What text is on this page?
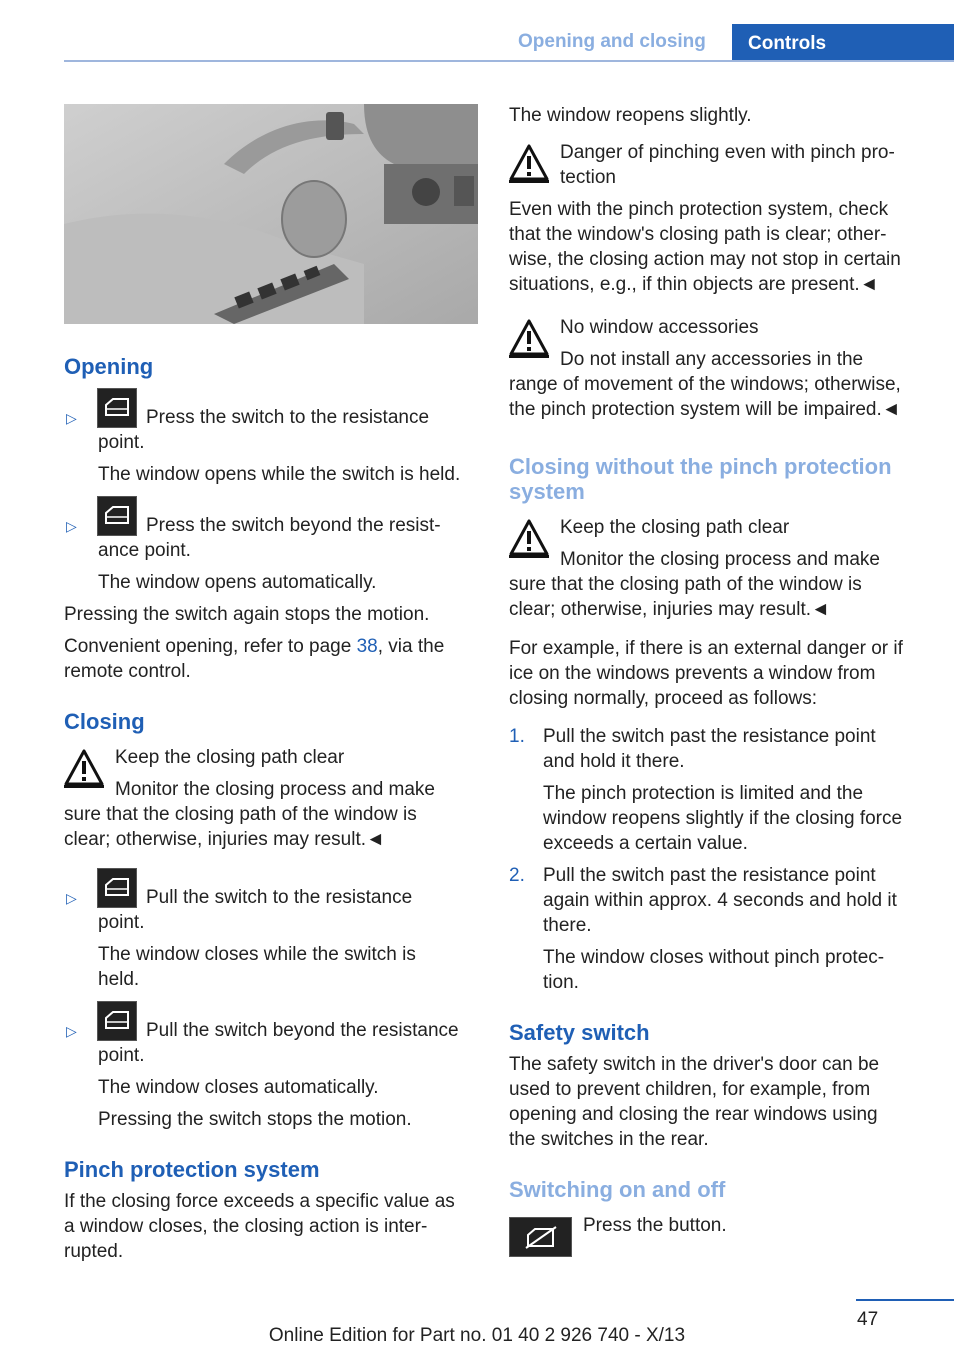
Opening and closing	Controls
Opening
▷	Press the switch to the resistance

point.

The window opens while the switch is held.

▷	Press the switch beyond the resist-

ance point.

The window opens automatically.

Pressing the switch again stops the motion.

Convenient opening, refer to page 38, via the

remote control.

Closing

Keep the closing path clear

Monitor the closing process and make

sure that the closing path of the window is

clear; otherwise, injuries may result.◄

▷	Pull the switch to the resistance

point.

The window closes while the switch is

held.

▷	Pull the switch beyond the resistance

point.

The window closes automatically.

Pressing the switch stops the motion.

Pinch protection system

If the closing force exceeds a specific value as

a window closes, the closing action is inter-

rupted.

The window reopens slightly.

Danger of pinching even with pinch pro-

tection

Even with the pinch protection system, check

that the window's closing path is clear; other-

wise, the closing action may not stop in certain

situations, e.g., if thin objects are present.◄

No window accessories

Do not install any accessories in the

range of movement of the windows; otherwise,

the pinch protection system will be impaired.◄

Closing without the pinch protection
system

Keep the closing path clear

Monitor the closing process and make

sure that the closing path of the window is

clear; otherwise, injuries may result.◄

For example, if there is an external danger or if

ice on the windows prevents a window from

closing normally, proceed as follows:

1. Pull the switch past the resistance point

and hold it there.

The pinch protection is limited and the

window reopens slightly if the closing force

exceeds a certain value.

2. Pull the switch past the resistance point

again within approx. 4 seconds and hold it

there.

The window closes without pinch protec-

tion.

Safety switch

The safety switch in the driver's door can be

used to prevent children, for example, from

opening and closing the rear windows using

the switches in the rear.

Switching on and off

Press the button.

47
Online Edition for Part no. 01 40 2 926 740 - X/13
